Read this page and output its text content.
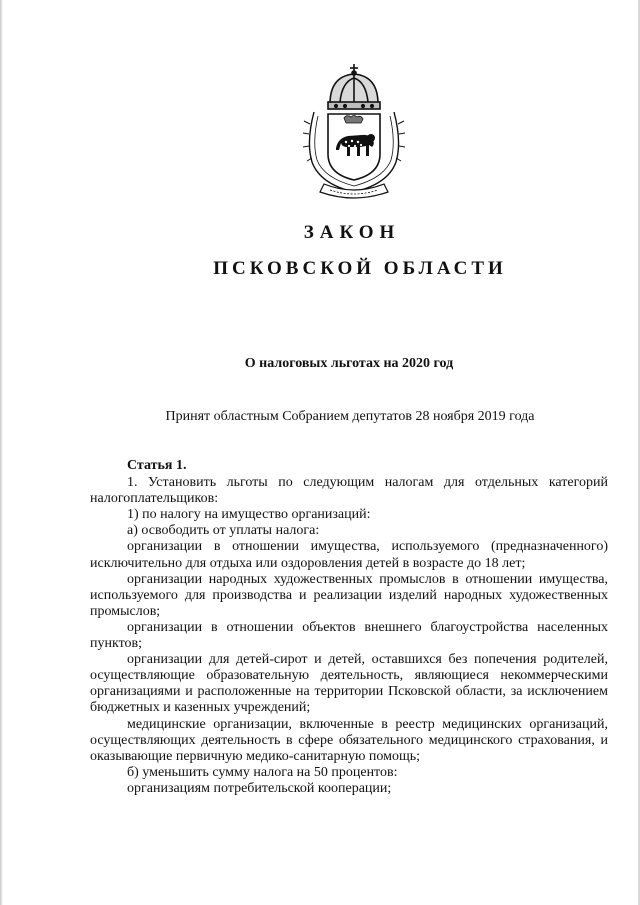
ЗАКОН
ПСКОВСКОЙ ОБЛАСТИ
О налоговых льготах на 2020 год
Принят областным Собранием депутатов 28 ноября 2019 года
Статья 1.

1. Установить льготы по следующим налогам для отдельных категорий налогоплательщиков:

1) по налогу на имущество организаций:

а) освободить от уплаты налога:

организации в отношении имущества, используемого (предназначенного) исключительно для отдыха или оздоровления детей в возрасте до 18 лет;

организации народных художественных промыслов в отношении имущества, используемого для производства и реализации изделий народных художественных промыслов;

организации в отношении объектов внешнего благоустройства населенных пунктов;

организации для детей-сирот и детей, оставшихся без попечения родителей, осуществляющие образовательную деятельность, являющиеся некоммерческими организациями и расположенные на территории Псковской области, за исключением бюджетных и казенных учреждений;

медицинские организации, включенные в реестр медицинских организаций, осуществляющих деятельность в сфере обязательного медицинского страхования, и оказывающие первичную медико-санитарную помощь;

б) уменьшить сумму налога на 50 процентов:

организациям потребительской кооперации;
